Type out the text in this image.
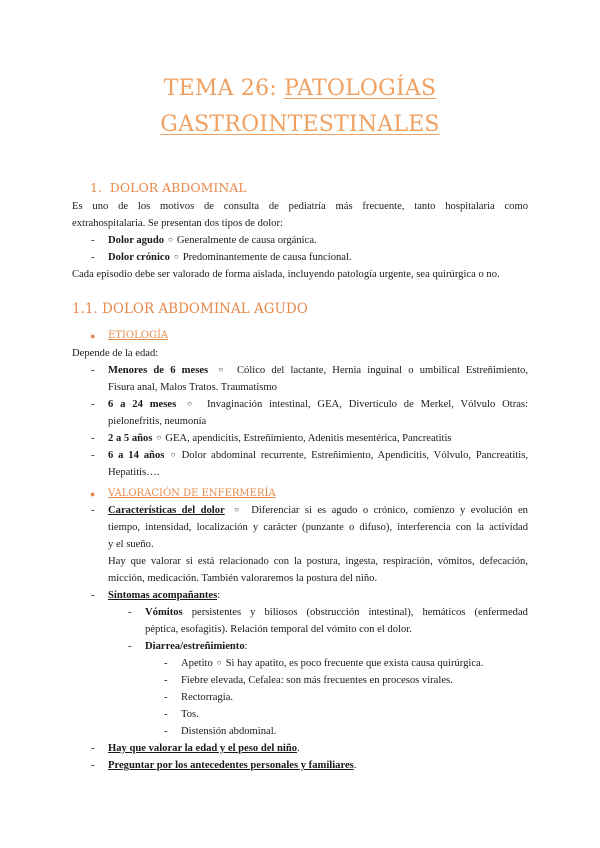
TEMA 26: PATOLOGÍAS
GASTROINTESTINALES
1. DOLOR ABDOMINAL
Es uno de los motivos de consulta de pediatría más frecuente, tanto hospitalaria como
extrahospitalaria. Se presentan dos tipos de dolor:
- Dolor agudo ○ Generalmente de causa orgánica.
- Dolor crónico ○ Predominantemente de causa funcional.
Cada episodio debe ser valorado de forma aislada, incluyendo patología urgente, sea quirúrgica o no.
1.1. DOLOR ABDOMINAL AGUDO
● ETIOLOGÍA
Depende de la edad:
- Menores de 6 meses ○ Cólico del lactante, Hernia inguinal o umbilical Estreñimiento,
Fisura anal, Malos Tratos. Traumatismo
- 6 a 24 meses ○ Invaginación intestinal, GEA, Divertículo de Merkel, Vólvulo Otras:
pielonefritis, neumonía
- 2 a 5 años ○ GEA, apendicitis, Estreñimiento, Adenitis mesentérica, Pancreatitis
- 6 a 14 años ○ Dolor abdominal recurrente, Estreñimiento, Apendicitis, Vólvulo, Pancreatitis,
Hepatitis….
● VALORACIÓN DE ENFERMERÍA
- Características del dolor ○ Diferenciar si es agudo o crónico, comienzo y evolución en
tiempo, intensidad, localización y carácter (punzante o difuso), interferencia con la actividad
y el sueño.
Hay que valorar si está relacionado con la postura, ingesta, respiración, vómitos, defecación,
micción, medicación. También valoraremos la postura del niño.
- Síntomas acompañantes:
- Vómitos persistentes y biliosos (obstrucción intestinal), hemáticos (enfermedad
péptica, esofagitis). Relación temporal del vómito con el dolor.
- Diarrea/estreñimiento:
- Apetito ○ Si hay apatito, es poco frecuente que exista causa quirúrgica.
- Fiebre elevada, Cefalea: son más frecuentes en procesos virales.
- Rectorragia.
- Tos.
- Distensión abdominal.
- Hay que valorar la edad y el peso del niño.
- Preguntar por los antecedentes personales y familiares.
